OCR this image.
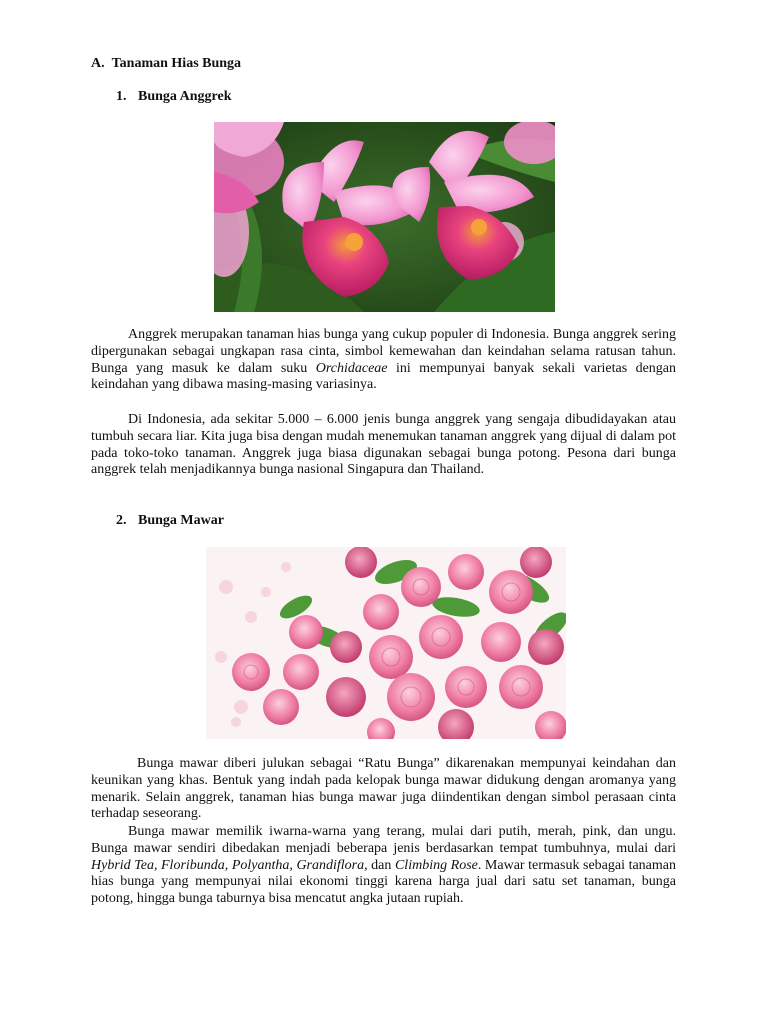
A. Tanaman Hias Bunga
1. Bunga Anggrek

Anggrek merupakan tanaman hias bunga yang cukup populer di Indonesia. Bunga anggrek sering dipergunakan sebagai ungkapan rasa cinta, simbol kemewahan dan keindahan selama ratusan tahun. Bunga yang masuk ke dalam suku Orchidaceae ini mempunyai banyak sekali varietas dengan keindahan yang dibawa masing-masing variasinya.

Di Indonesia, ada sekitar 5.000 – 6.000 jenis bunga anggrek yang sengaja dibudidayakan atau tumbuh secara liar. Kita juga bisa dengan mudah menemukan tanaman anggrek yang dijual di dalam pot pada toko-toko tanaman. Anggrek juga biasa digunakan sebagai bunga potong. Pesona dari bunga anggrek telah menjadikannya bunga nasional Singapura dan Thailand.

2. Bunga Mawar

Bunga mawar diberi julukan sebagai “Ratu Bunga” dikarenakan mempunyai keindahan dan keunikan yang khas. Bentuk yang indah pada kelopak bunga mawar didukung dengan aromanya yang menarik. Selain anggrek, tanaman hias bunga mawar juga diindentikan dengan simbol perasaan cinta terhadap seseorang.

Bunga mawar memilik iwarna-warna yang terang, mulai dari putih, merah, pink, dan ungu. Bunga mawar sendiri dibedakan menjadi beberapa jenis berdasarkan tempat tumbuhnya, mulai dari Hybrid Tea, Floribunda, Polyantha, Grandiflora, dan Climbing Rose. Mawar termasuk sebagai tanaman hias bunga yang mempunyai nilai ekonomi tinggi karena harga jual dari satu set tanaman, bunga potong, hingga bunga taburnya bisa mencatut angka jutaan rupiah.
